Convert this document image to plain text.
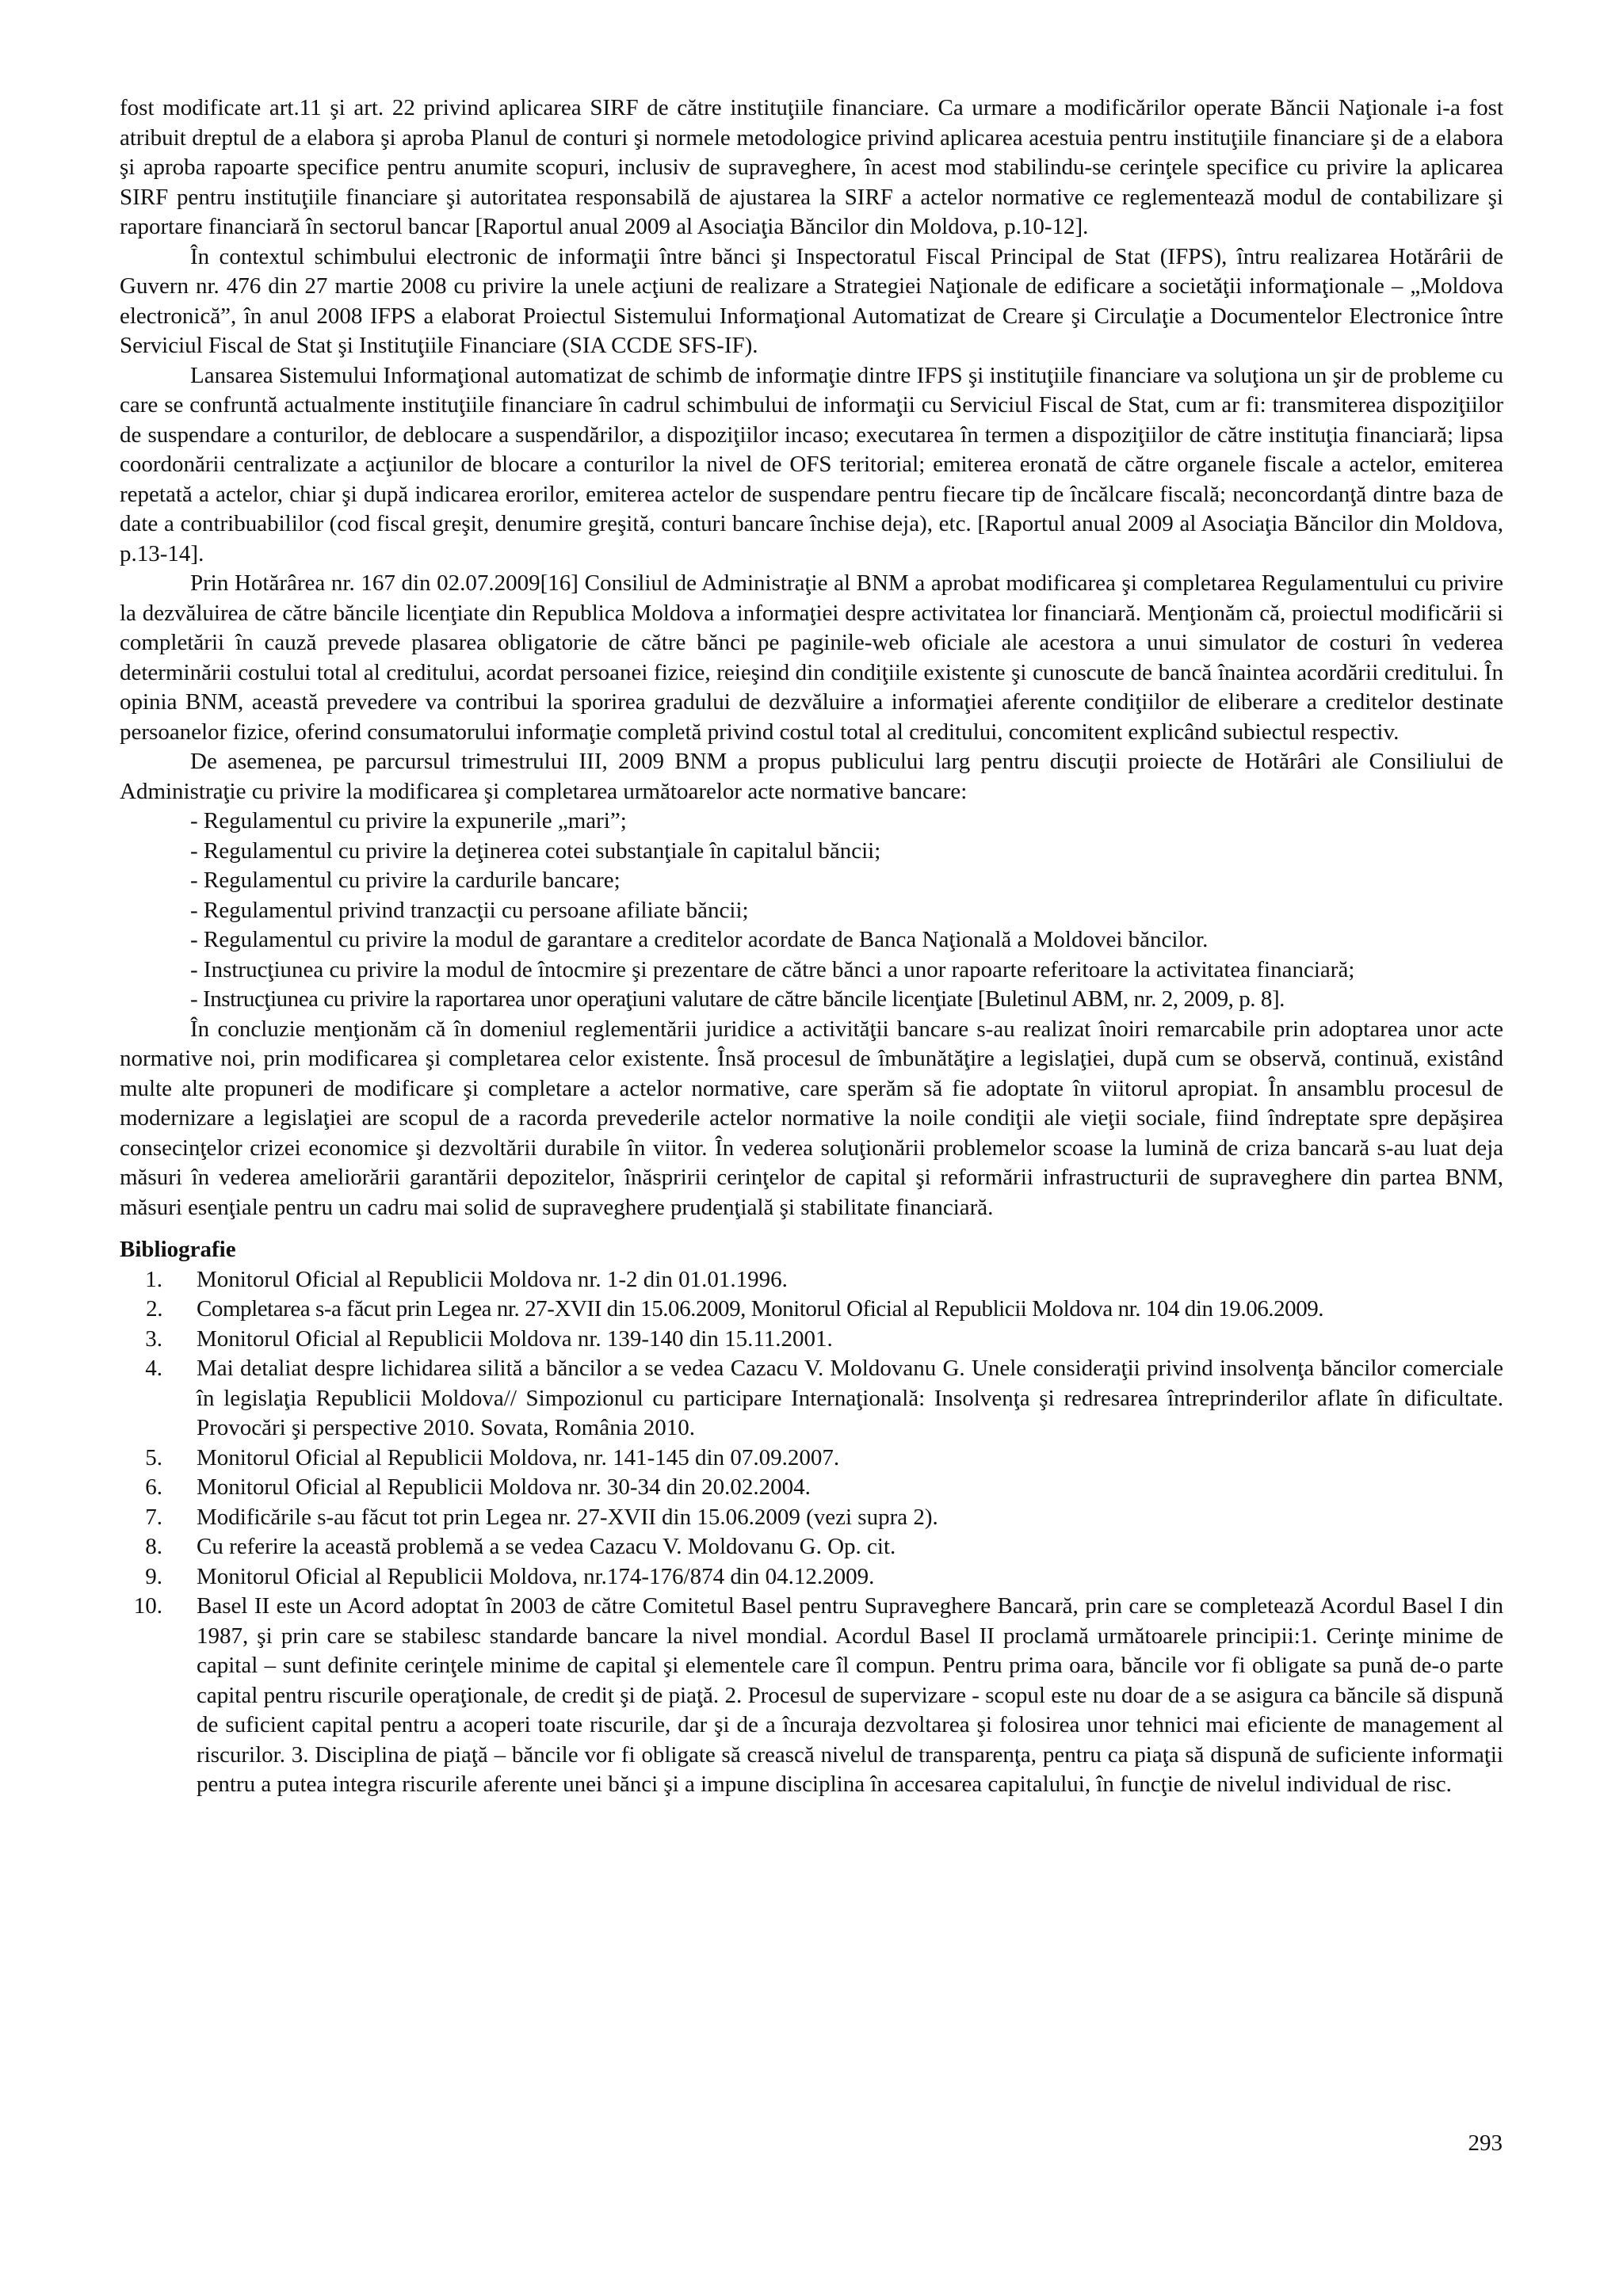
fost modificate art.11 şi art. 22 privind aplicarea SIRF de către instituţiile financiare. Ca urmare a modificărilor operate Băncii Naţionale i-a fost atribuit dreptul de a elabora şi aproba Planul de conturi şi normele metodologice privind aplicarea acestuia pentru instituţiile financiare şi de a elabora şi aproba rapoarte specifice pentru anumite scopuri, inclusiv de supraveghere, în acest mod stabilindu-se cerinţele specifice cu privire la aplicarea SIRF pentru instituţiile financiare şi autoritatea responsabilă de ajustarea la SIRF a actelor normative ce reglementează modul de contabilizare şi raportare financiară în sectorul bancar [Raportul anual 2009 al Asociaţia Băncilor din Moldova, p.10-12].

În contextul schimbului electronic de informaţii între bănci şi Inspectoratul Fiscal Principal de Stat (IFPS), întru realizarea Hotărârii de Guvern nr. 476 din 27 martie 2008 cu privire la unele acţiuni de realizare a Strategiei Naţionale de edificare a societăţii informaţionale – „Moldova electronică”, în anul 2008 IFPS a elaborat Proiectul Sistemului Informaţional Automatizat de Creare şi Circulaţie a Documentelor Electronice între Serviciul Fiscal de Stat şi Instituţiile Financiare (SIA CCDE SFS-IF).

Lansarea Sistemului Informaţional automatizat de schimb de informaţie dintre IFPS şi instituţiile financiare va soluţiona un şir de probleme cu care se confruntă actualmente instituţiile financiare în cadrul schimbului de informaţii cu Serviciul Fiscal de Stat, cum ar fi: transmiterea dispoziţiilor de suspendare a conturilor, de deblocare a suspendărilor, a dispoziţiilor incaso; executarea în termen a dispoziţiilor de către instituţia financiară; lipsa coordonării centralizate a acţiunilor de blocare a conturilor la nivel de OFS teritorial; emiterea eronată de către organele fiscale a actelor, emiterea repetată a actelor, chiar şi după indicarea erorilor, emiterea actelor de suspendare pentru fiecare tip de încălcare fiscală; neconcordanţă dintre baza de date a contribuabililor (cod fiscal greşit, denumire greşită, conturi bancare închise deja), etc. [Raportul anual 2009 al Asociaţia Băncilor din Moldova, p.13-14].

Prin Hotărârea nr. 167 din 02.07.2009[16] Consiliul de Administraţie al BNM a aprobat modificarea şi completarea Regulamentului cu privire la dezvăluirea de către băncile licenţiate din Republica Moldova a informaţiei despre activitatea lor financiară. Menţionăm că, proiectul modificării si completării în cauză prevede plasarea obligatorie de către bănci pe paginile-web oficiale ale acestora a unui simulator de costuri în vederea determinării costului total al creditului, acordat persoanei fizice, reieşind din condiţiile existente şi cunoscute de bancă înaintea acordării creditului. În opinia BNM, această prevedere va contribui la sporirea gradului de dezvăluire a informaţiei aferente condiţiilor de eliberare a creditelor destinate persoanelor fizice, oferind consumatorului informaţie completă privind costul total al creditului, concomitent explicând subiectul respectiv.

De asemenea, pe parcursul trimestrului III, 2009 BNM a propus publicului larg pentru discuţii proiecte de Hotărâri ale Consiliului de Administraţie cu privire la modificarea şi completarea următoarelor acte normative bancare:

- Regulamentul cu privire la expunerile „mari”;

- Regulamentul cu privire la deţinerea cotei substanţiale în capitalul băncii;

- Regulamentul cu privire la cardurile bancare;

- Regulamentul privind tranzacţii cu persoane afiliate băncii;

- Regulamentul cu privire la modul de garantare a creditelor acordate de Banca Naţională a Moldovei băncilor.

- Instrucţiunea cu privire la modul de întocmire şi prezentare de către bănci a unor rapoarte referitoare la activitatea financiară;

- Instrucţiunea cu privire la raportarea unor operaţiuni valutare de către băncile licenţiate [Buletinul ABM, nr. 2, 2009, p. 8].

În concluzie menţionăm că în domeniul reglementării juridice a activităţii bancare s-au realizat înoiri remarcabile prin adoptarea unor acte normative noi, prin modificarea şi completarea celor existente. Însă procesul de îmbunătăţire a legislaţiei, după cum se observă, continuă, existând multe alte propuneri de modificare şi completare a actelor normative, care sperăm să fie adoptate în viitorul apropiat. În ansamblu procesul de modernizare a legislaţiei are scopul de a racorda prevederile actelor normative la noile condiţii ale vieţii sociale, fiind îndreptate spre depăşirea consecinţelor crizei economice şi dezvoltării durabile în viitor. În vederea soluţionării problemelor scoase la lumină de criza bancară s-au luat deja măsuri în vederea ameliorării garantării depozitelor, înăspririi cerinţelor de capital şi reformării infrastructurii de supraveghere din partea BNM, măsuri esenţiale pentru un cadru mai solid de supraveghere prudenţială şi stabilitate financiară.

Bibliografie
1. Monitorul Oficial al Republicii Moldova nr. 1-2 din 01.01.1996.
2. Completarea s-a făcut prin Legea nr. 27-XVII din 15.06.2009, Monitorul Oficial al Republicii Moldova nr. 104 din 19.06.2009.
3. Monitorul Oficial al Republicii Moldova nr. 139-140 din 15.11.2001.
4. Mai detaliat despre lichidarea silită a băncilor a se vedea Cazacu V. Moldovanu G. Unele consideraţii privind insolvenţa băncilor comerciale în legislaţia Republicii Moldova// Simpozionul cu participare Internaţională: Insolvenţa şi redresarea întreprinderilor aflate în dificultate. Provocări şi perspective 2010. Sovata, România 2010.
5. Monitorul Oficial al Republicii Moldova, nr. 141-145 din 07.09.2007.
6. Monitorul Oficial al Republicii Moldova nr. 30-34 din 20.02.2004.
7. Modificările s-au făcut tot prin Legea nr. 27-XVII din 15.06.2009 (vezi supra 2).
8. Cu referire la această problemă a se vedea Cazacu V. Moldovanu G. Op. cit.
9. Monitorul Oficial al Republicii Moldova, nr.174-176/874 din 04.12.2009.
10. Basel II este un Acord adoptat în 2003 de către Comitetul Basel pentru Supraveghere Bancară, prin care se completează Acordul Basel I din 1987, şi prin care se stabilesc standarde bancare la nivel mondial. Acordul Basel II proclamă următoarele principii:1. Cerinţe minime de capital – sunt definite cerinţele minime de capital şi elementele care îl compun. Pentru prima oara, băncile vor fi obligate sa pună de-o parte capital pentru riscurile operaţionale, de credit şi de piaţă. 2. Procesul de supervizare - scopul este nu doar de a se asigura ca băncile să dispună de suficient capital pentru a acoperi toate riscurile, dar şi de a încuraja dezvoltarea şi folosirea unor tehnici mai eficiente de management al riscurilor. 3. Disciplina de piaţă – băncile vor fi obligate să crească nivelul de transparenţa, pentru ca piaţa să dispună de suficiente informaţii pentru a putea integra riscurile aferente unei bănci şi a impune disciplina în accesarea capitalului, în funcţie de nivelul individual de risc.
293
